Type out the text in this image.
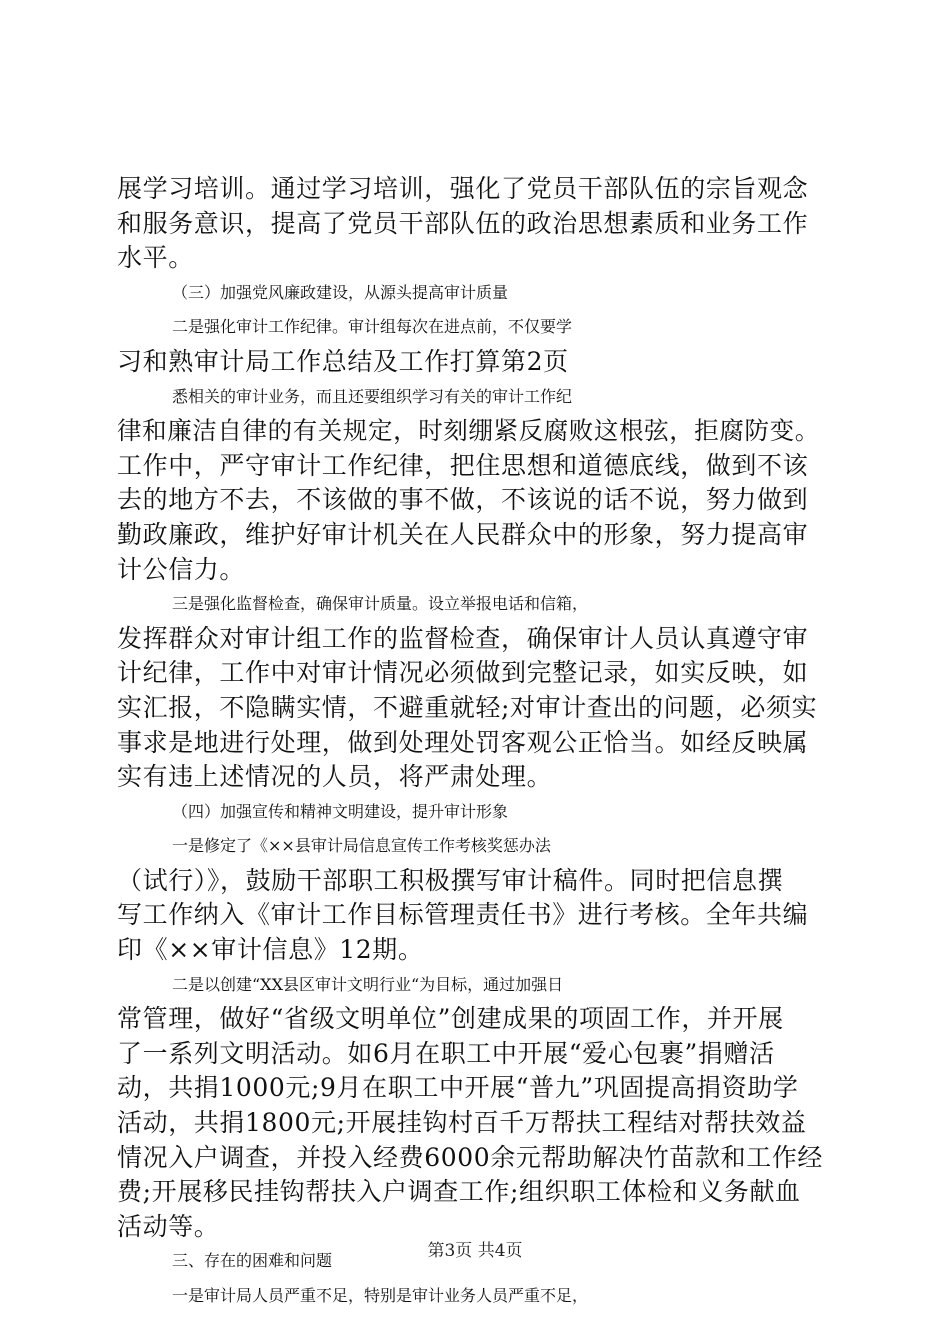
展学习培训。通过学习培训，强化了党员干部队伍的宗旨观念
和服务意识，提高了党员干部队伍的政治思想素质和业务工作
水平。
（三）加强党风廉政建设，从源头提高审计质量
二是强化审计工作纪律。审计组每次在进点前，不仅要学
习和熟审计局工作总结及工作打算第2页
悉相关的审计业务，而且还要组织学习有关的审计工作纪
律和廉洁自律的有关规定，时刻绷紧反腐败这根弦，拒腐防变。
工作中，严守审计工作纪律，把住思想和道德底线，做到不该
去的地方不去，不该做的事不做，不该说的话不说，努力做到
勤政廉政，维护好审计机关在人民群众中的形象，努力提高审
计公信力。
三是强化监督检查，确保审计质量。设立举报电话和信箱，
发挥群众对审计组工作的监督检查，确保审计人员认真遵守审
计纪律，工作中对审计情况必须做到完整记录，如实反映，如
实汇报，不隐瞒实情，不避重就轻;对审计查出的问题，必须实
事求是地进行处理，做到处理处罚客观公正恰当。如经反映属
实有违上述情况的人员，将严肃处理。
（四）加强宣传和精神文明建设，提升审计形象
一是修定了《××县审计局信息宣传工作考核奖惩办法
（试行）》，鼓励干部职工积极撰写审计稿件。同时把信息撰
写工作纳入《审计工作目标管理责任书》进行考核。全年共编
印《××审计信息》12期。
二是以创建“XX县区审计文明行业“为目标，通过加强日
常管理，做好“省级文明单位”创建成果的项固工作，并开展
了一系列文明活动。如6月在职工中开展“爱心包裹”捐赠活
动，共捐1000元;9月在职工中开展“普九”巩固提高捐资助学
活动，共捐1800元;开展挂钩村百千万帮扶工程结对帮扶效益
情况入户调查，并投入经费6000余元帮助解决竹苗款和工作经
费;开展移民挂钩帮扶入户调查工作;组织职工体检和义务献血
活动等。
三、存在的困难和问题
一是审计局人员严重不足，特别是审计业务人员严重不足，
第3页 共4页
